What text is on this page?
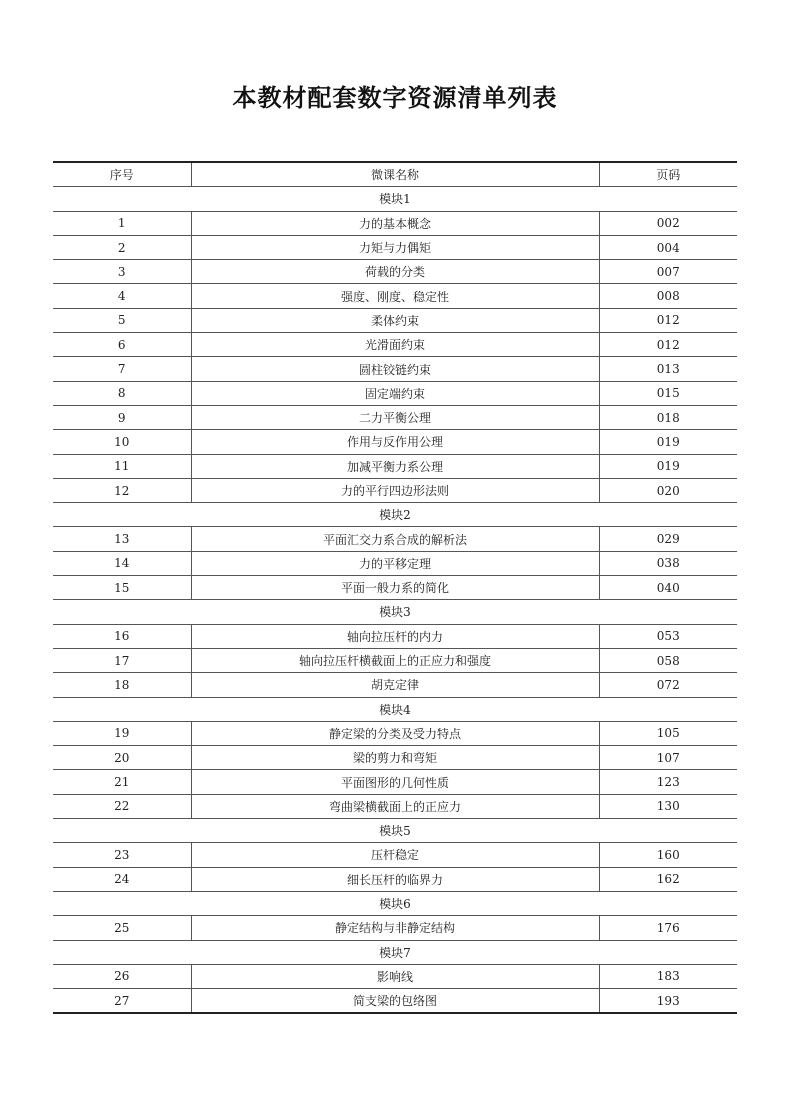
本教材配套数字资源清单列表
序号	微课名称	页码
模块1		
1	力的基本概念	002
2	力矩与力偶矩	004
3	荷载的分类	007
4	强度、刚度、稳定性	008
5	柔体约束	012
6	光滑面约束	012
7	圆柱铰链约束	013
8	固定端约束	015
9	二力平衡公理	018
10	作用与反作用公理	019
11	加减平衡力系公理	019
12	力的平行四边形法则	020
模块2		
13	平面汇交力系合成的解析法	029
14	力的平移定理	038
15	平面一般力系的简化	040
模块3		
16	轴向拉压杆的内力	053
17	轴向拉压杆横截面上的正应力和强度	058
18	胡克定律	072
模块4		
19	静定梁的分类及受力特点	105
20	梁的剪力和弯矩	107
21	平面图形的几何性质	123
22	弯曲梁横截面上的正应力	130
模块5		
23	压杆稳定	160
24	细长压杆的临界力	162
模块6		
25	静定结构与非静定结构	176
模块7		
26	影响线	183
27	简支梁的包络图	193
